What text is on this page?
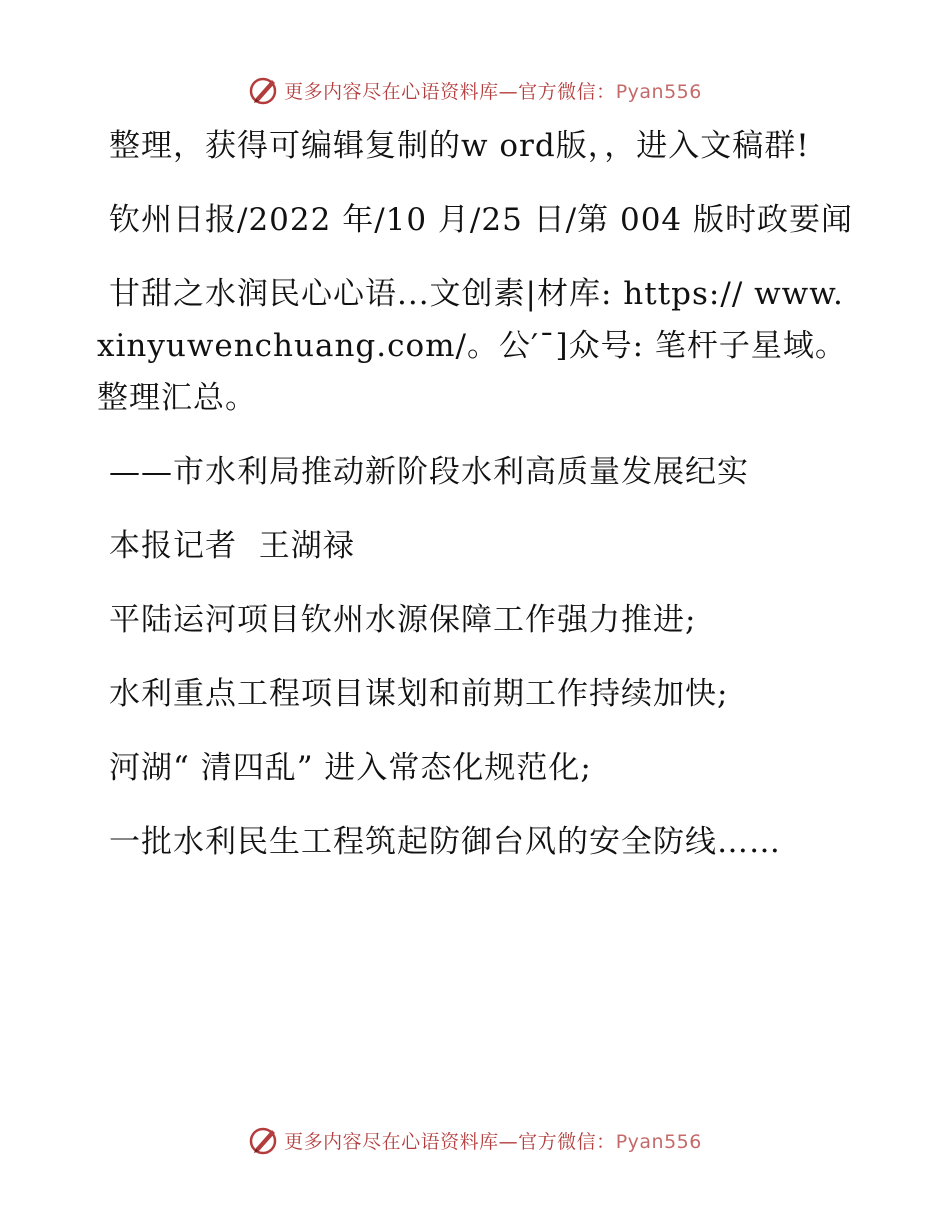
更多内容尽在心语资料库—官方微信：Pyan556

整理，获得可编辑复制的w ord版，，进入文稿群!

钦州日报/2022 年/10 月/25 日/第 004 版时政要闻

甘甜之水润民心心语...文创素|材库: https:// www.xinyuwenchuang.com/。公′¯]众号: 笔杆子星域。整理汇总。

——市水利局推动新阶段水利高质量发展纪实

本报记者  王湖禄

平陆运河项目钦州水源保障工作强力推进;

水利重点工程项目谋划和前期工作持续加快;

河湖“ 清四乱” 进入常态化规范化;

一批水利民生工程筑起防御台风的安全防线……

更多内容尽在心语资料库—官方微信：Pyan556
